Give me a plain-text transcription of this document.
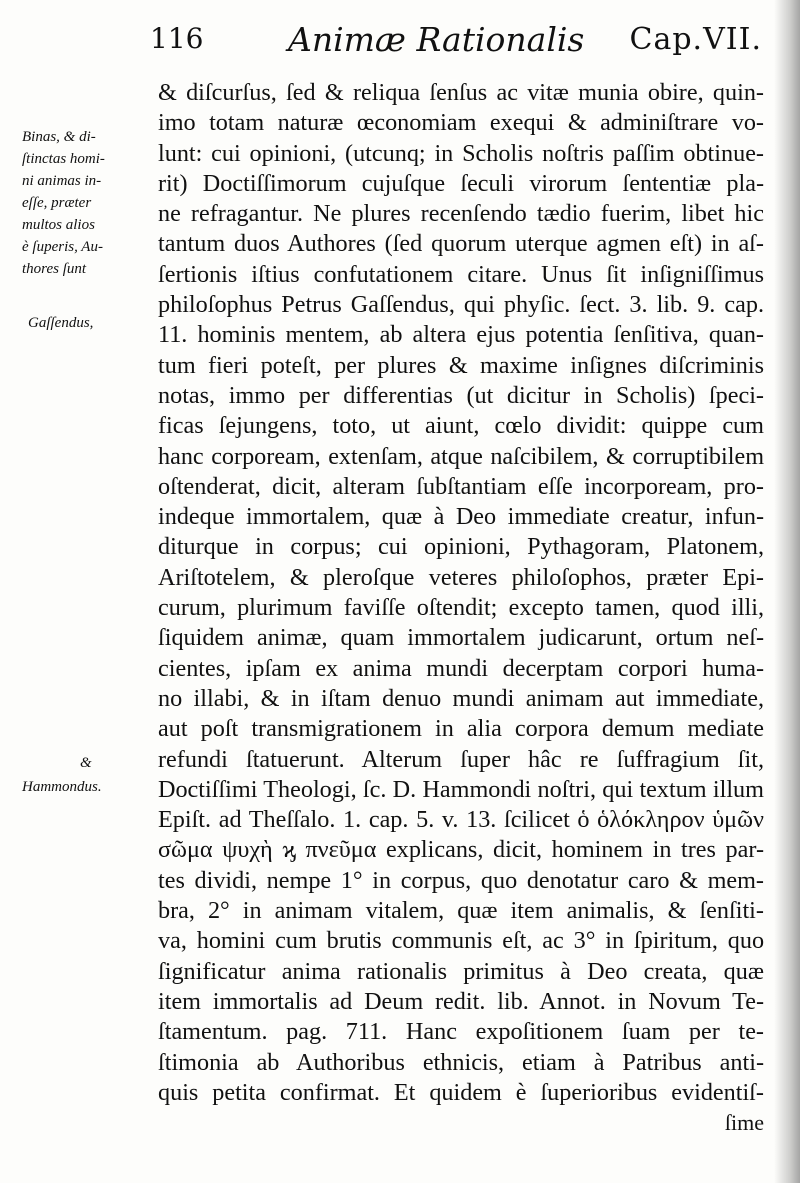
116	Animæ Rationalis Cap.VII.
Binas, & di-
ſtinctas homi-
ni animas in-
eſſe, præter
multos alios
è ſuperis, Au-
thores ſunt
Gaſſendus,
&
Hammondus.
& diſcurſus, ſed & reliqua ſenſus ac vitæ munia obire, quin-
imo totam naturæ œconomiam exequi & adminiſtrare vo-
lunt: cui opinioni, (utcunq; in Scholis noſtris paſſim obtinue-
rit) Doctiſſimorum cujuſque ſeculi virorum ſententiæ pla-
ne refragantur. Ne plures recenſendo tædio fuerim, libet hic
tantum duos Authores (ſed quorum uterque agmen eſt) in aſ-
ſertionis iſtius confutationem citare. Unus ſit inſigniſſimus
philoſophus Petrus Gaſſendus, qui phyſic. ſect. 3. lib. 9. cap.
11. hominis mentem, ab altera ejus potentia ſenſitiva, quan-
tum fieri poteſt, per plures & maxime inſignes diſcriminis
notas, immo per differentias (ut dicitur in Scholis) ſpeci-
ficas ſejungens, toto, ut aiunt, cœlo dividit: quippe cum
hanc corpoream, extenſam, atque naſcibilem, & corruptibilem
oſtenderat, dicit, alteram ſubſtantiam eſſe incorpoream, pro-
indeque immortalem, quæ à Deo immediate creatur, infun-
diturque in corpus; cui opinioni, Pythagoram, Platonem,
Ariſtotelem, & pleroſque veteres philoſophos, præter Epi-
curum, plurimum faviſſe oſtendit; excepto tamen, quod illi,
ſiquidem animæ, quam immortalem judicarunt, ortum neſ-
cientes, ipſam ex anima mundi decerptam corpori huma-
no illabi, & in iſtam denuo mundi animam aut immediate,
aut poſt transmigrationem in alia corpora demum mediate
refundi ſtatuerunt. Alterum ſuper hâc re ſuffragium ſit,
Doctiſſimi Theologi, ſc. D. Hammondi noſtri, qui textum illum
Epiſt. ad Theſſalo. 1. cap. 5. v. 13. ſcilicet ὁ ὁλόκληρον ὑμῶν
σῶμα ψυχὴ ϗ πνεῦμα explicans, dicit, hominem in tres par-
tes dividi, nempe 1° in corpus, quo denotatur caro & mem-
bra, 2° in animam vitalem, quæ item animalis, & ſenſiti-
va, homini cum brutis communis eſt, ac 3° in ſpiritum, quo
ſignificatur anima rationalis primitus à Deo creata, quæ
item immortalis ad Deum redit. lib. Annot. in Novum Te-
ſtamentum. pag. 711. Hanc expoſitionem ſuam per te-
ſtimonia ab Authoribus ethnicis, etiam à Patribus anti-
quis petita confirmat. Et quidem è ſuperioribus evidentiſ-
ſime
